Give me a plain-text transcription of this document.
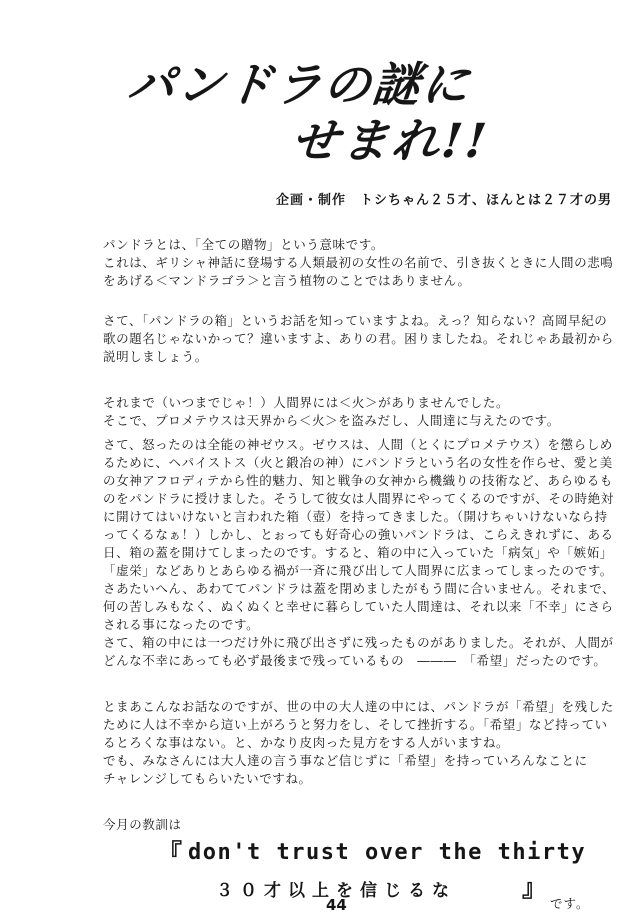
パンドラの謎に
せまれ!!
企画・制作　トシちゃん２５才、ほんとは２７才の男
パンドラとは、「全ての贈物」という意味です。
これは、ギリシャ神話に登場する人類最初の女性の名前で、引き抜くときに人間の悲鳴
をあげる＜マンドラゴラ＞と言う植物のことではありません。
さて、「パンドラの箱」というお話を知っていますよね。えっ？知らない？高岡早紀の
歌の題名じゃないかって？違いますよ、ありの君。困りましたね。それじゃあ最初から
説明しましょう。
それまで（いつまでじゃ！）人間界には＜火＞がありませんでした。
そこで、プロメテウスは天界から＜火＞を盗みだし、人間達に与えたのです。
さて、怒ったのは全能の神ゼウス。ゼウスは、人間（とくにプロメテウス）を懲らしめ
るために、ヘパイストス（火と鍛冶の神）にパンドラという名の女性を作らせ、愛と美
の女神アフロディテから性的魅力、知と戦争の女神から機織りの技術など、あらゆるも
のをパンドラに授けました。そうして彼女は人間界にやってくるのですが、その時絶対
に開けてはいけないと言われた箱（壺）を持ってきました。（開けちゃいけないなら持
ってくるなぁ！）しかし、とぉっても好奇心の強いパンドラは、こらえきれずに、ある
日、箱の蓋を開けてしまったのです。すると、箱の中に入っていた「病気」や「嫉妬」
「虚栄」などありとあらゆる禍が一斉に飛び出して人間界に広まってしまったのです。
さあたいへん、あわててパンドラは蓋を閉めましたがもう間に合いません。それまで、
何の苦しみもなく、ぬくぬくと幸せに暮らしていた人間達は、それ以来「不幸」にさら
される事になったのです。
さて、箱の中には一つだけ外に飛び出さずに残ったものがありました。それが、人間が
どんな不幸にあっても必ず最後まで残っているもの　―――　「希望」だったのです。
とまあこんなお話なのですが、世の中の大人達の中には、パンドラが「希望」を残した
ために人は不幸から這い上がろうと努力をし、そして挫折する。「希望」など持ってい
るとろくな事はない。と、かなり皮肉った見方をする人がいますね。
でも、みなさんには大人達の言う事など信じずに「希望」を持っていろんなことに
チャレンジしてもらいたいですね。
今月の教訓は
『 don't trust over the thirty
３０才以上を信じるな	』
です。
44
